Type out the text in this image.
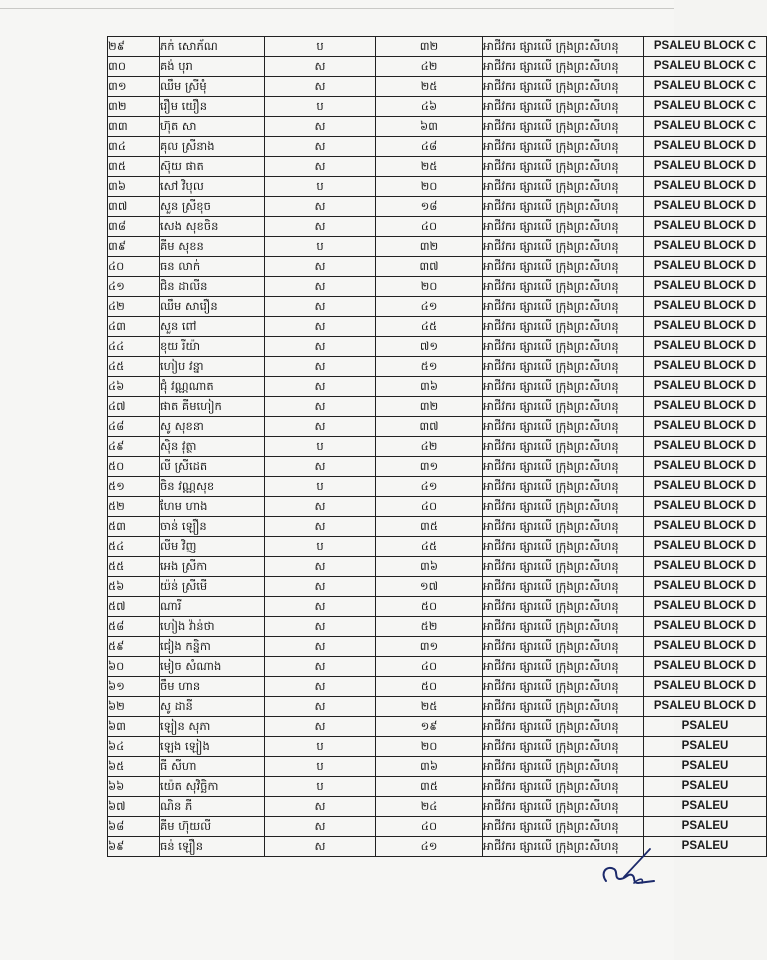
២៩	ភក់ សោភ័ណ	ប	៣២	អាជីវករ ផ្សារលើ ក្រុងព្រះសីហនុ	PSALEU BLOCK C
៣០	គង់ បុរា	ស	៤២	អាជីវករ ផ្សារលើ ក្រុងព្រះសីហនុ	PSALEU BLOCK C
៣១	ឈឹម ស្រីមុំ	ស	២៥	អាជីវករ ផ្សារលើ ក្រុងព្រះសីហនុ	PSALEU BLOCK C
៣២	រឿម យឿន	ប	៤៦	អាជីវករ ផ្សារលើ ក្រុងព្រះសីហនុ	PSALEU BLOCK C
៣៣	ហ៊ុត សា	ស	៦៣	អាជីវករ ផ្សារលើ ក្រុងព្រះសីហនុ	PSALEU BLOCK C
៣៤	គុល ស្រីនាង	ស	៤៨	អាជីវករ ផ្សារលើ ក្រុងព្រះសីហនុ	PSALEU BLOCK D
៣៥	ស៊ុយ ផាត	ស	២៥	អាជីវករ ផ្សារលើ ក្រុងព្រះសីហនុ	PSALEU BLOCK D
៣៦	សៅ វិបុល	ប	២០	អាជីវករ ផ្សារលើ ក្រុងព្រះសីហនុ	PSALEU BLOCK D
៣៧	សួន ស្រីខុច	ស	១៨	អាជីវករ ផ្សារលើ ក្រុងព្រះសីហនុ	PSALEU BLOCK D
៣៨	សេង សុខចិន	ស	៤០	អាជីវករ ផ្សារលើ ក្រុងព្រះសីហនុ	PSALEU BLOCK D
៣៩	គីម សុខន	ប	៣២	អាជីវករ ផ្សារលើ ក្រុងព្រះសីហនុ	PSALEU BLOCK D
៤០	ធន លាក់	ស	៣៧	អាជីវករ ផ្សារលើ ក្រុងព្រះសីហនុ	PSALEU BLOCK D
៤១	ជិន ដាលីន	ស	២០	អាជីវករ ផ្សារលើ ក្រុងព្រះសីហនុ	PSALEU BLOCK D
៤២	ឈឹម សារឿន	ស	៤១	អាជីវករ ផ្សារលើ ក្រុងព្រះសីហនុ	PSALEU BLOCK D
៤៣	សួន ពៅ	ស	៤៥	អាជីវករ ផ្សារលើ ក្រុងព្រះសីហនុ	PSALEU BLOCK D
៤៤	ខុយ រីយ៉ា	ស	៧១	អាជីវករ ផ្សារលើ ក្រុងព្រះសីហនុ	PSALEU BLOCK D
៤៥	ហៀប វន្នា	ស	៥១	អាជីវករ ផ្សារលើ ក្រុងព្រះសីហនុ	PSALEU BLOCK D
៤៦	ជុំ វណ្ណណាត	ស	៣៦	អាជីវករ ផ្សារលើ ក្រុងព្រះសីហនុ	PSALEU BLOCK D
៤៧	ផាត គីមហៀក	ស	៣២	អាជីវករ ផ្សារលើ ក្រុងព្រះសីហនុ	PSALEU BLOCK D
៤៨	សូ សុខនា	ស	៣៧	អាជីវករ ផ្សារលើ ក្រុងព្រះសីហនុ	PSALEU BLOCK D
៤៩	ស៊ិន វុត្ថា	ប	៤២	អាជីវករ ផ្សារលើ ក្រុងព្រះសីហនុ	PSALEU BLOCK D
៥០	លី ស្រីដេត	ស	៣១	អាជីវករ ផ្សារលើ ក្រុងព្រះសីហនុ	PSALEU BLOCK D
៥១	ចិន វណ្ណសុខ	ប	៤១	អាជីវករ ផ្សារលើ ក្រុងព្រះសីហនុ	PSALEU BLOCK D
៥២	ហែម ហាង	ស	៤០	អាជីវករ ផ្សារលើ ក្រុងព្រះសីហនុ	PSALEU BLOCK D
៥៣	ចាន់ ឡឿន	ស	៣៥	អាជីវករ ផ្សារលើ ក្រុងព្រះសីហនុ	PSALEU BLOCK D
៥៤	លីម វិញ	ប	៤៥	អាជីវករ ផ្សារលើ ក្រុងព្រះសីហនុ	PSALEU BLOCK D
៥៥	អេង ស្រីកា	ស	៣៦	អាជីវករ ផ្សារលើ ក្រុងព្រះសីហនុ	PSALEU BLOCK D
៥៦	យ៉ន់ ស្រីមើ	ស	១៧	អាជីវករ ផ្សារលើ ក្រុងព្រះសីហនុ	PSALEU BLOCK D
៥៧	ណារី	ស	៥០	អាជីវករ ផ្សារលើ ក្រុងព្រះសីហនុ	PSALEU BLOCK D
៥៨	ហៀង វ៉ាន់ថា	ស	៥២	អាជីវករ ផ្សារលើ ក្រុងព្រះសីហនុ	PSALEU BLOCK D
៥៩	ជៀង កន្និកា	ស	៣១	អាជីវករ ផ្សារលើ ក្រុងព្រះសីហនុ	PSALEU BLOCK D
៦០	មៀច សំណាង	ស	៤០	អាជីវករ ផ្សារលើ ក្រុងព្រះសីហនុ	PSALEU BLOCK D
៦១	ចឹម ហាន	ស	៥០	អាជីវករ ផ្សារលើ ក្រុងព្រះសីហនុ	PSALEU BLOCK D
៦២	សូ ដានី	ស	២៥	អាជីវករ ផ្សារលើ ក្រុងព្រះសីហនុ	PSALEU BLOCK D
៦៣	ឡៀន សុភា	ស	១៩	អាជីវករ ផ្សារលើ ក្រុងព្រះសីហនុ	PSALEU
៦៤	ឡេង ឡៀង	ប	២០	អាជីវករ ផ្សារលើ ក្រុងព្រះសីហនុ	PSALEU
៦៥	ធី សីហា	ប	៣៦	អាជីវករ ផ្សារលើ ក្រុងព្រះសីហនុ	PSALEU
៦៦	យ៉េត សុវិច្ឆិកា	ប	៣៥	អាជីវករ ផ្សារលើ ក្រុងព្រះសីហនុ	PSALEU
៦៧	ណិន ភី	ស	២៤	អាជីវករ ផ្សារលើ ក្រុងព្រះសីហនុ	PSALEU
៦៨	គីម ហ៊ុយលី	ស	៤០	អាជីវករ ផ្សារលើ ក្រុងព្រះសីហនុ	PSALEU
៦៩	ធន់ ឡឿន	ស	៤១	អាជីវករ ផ្សារលើ ក្រុងព្រះសីហនុ	PSALEU
